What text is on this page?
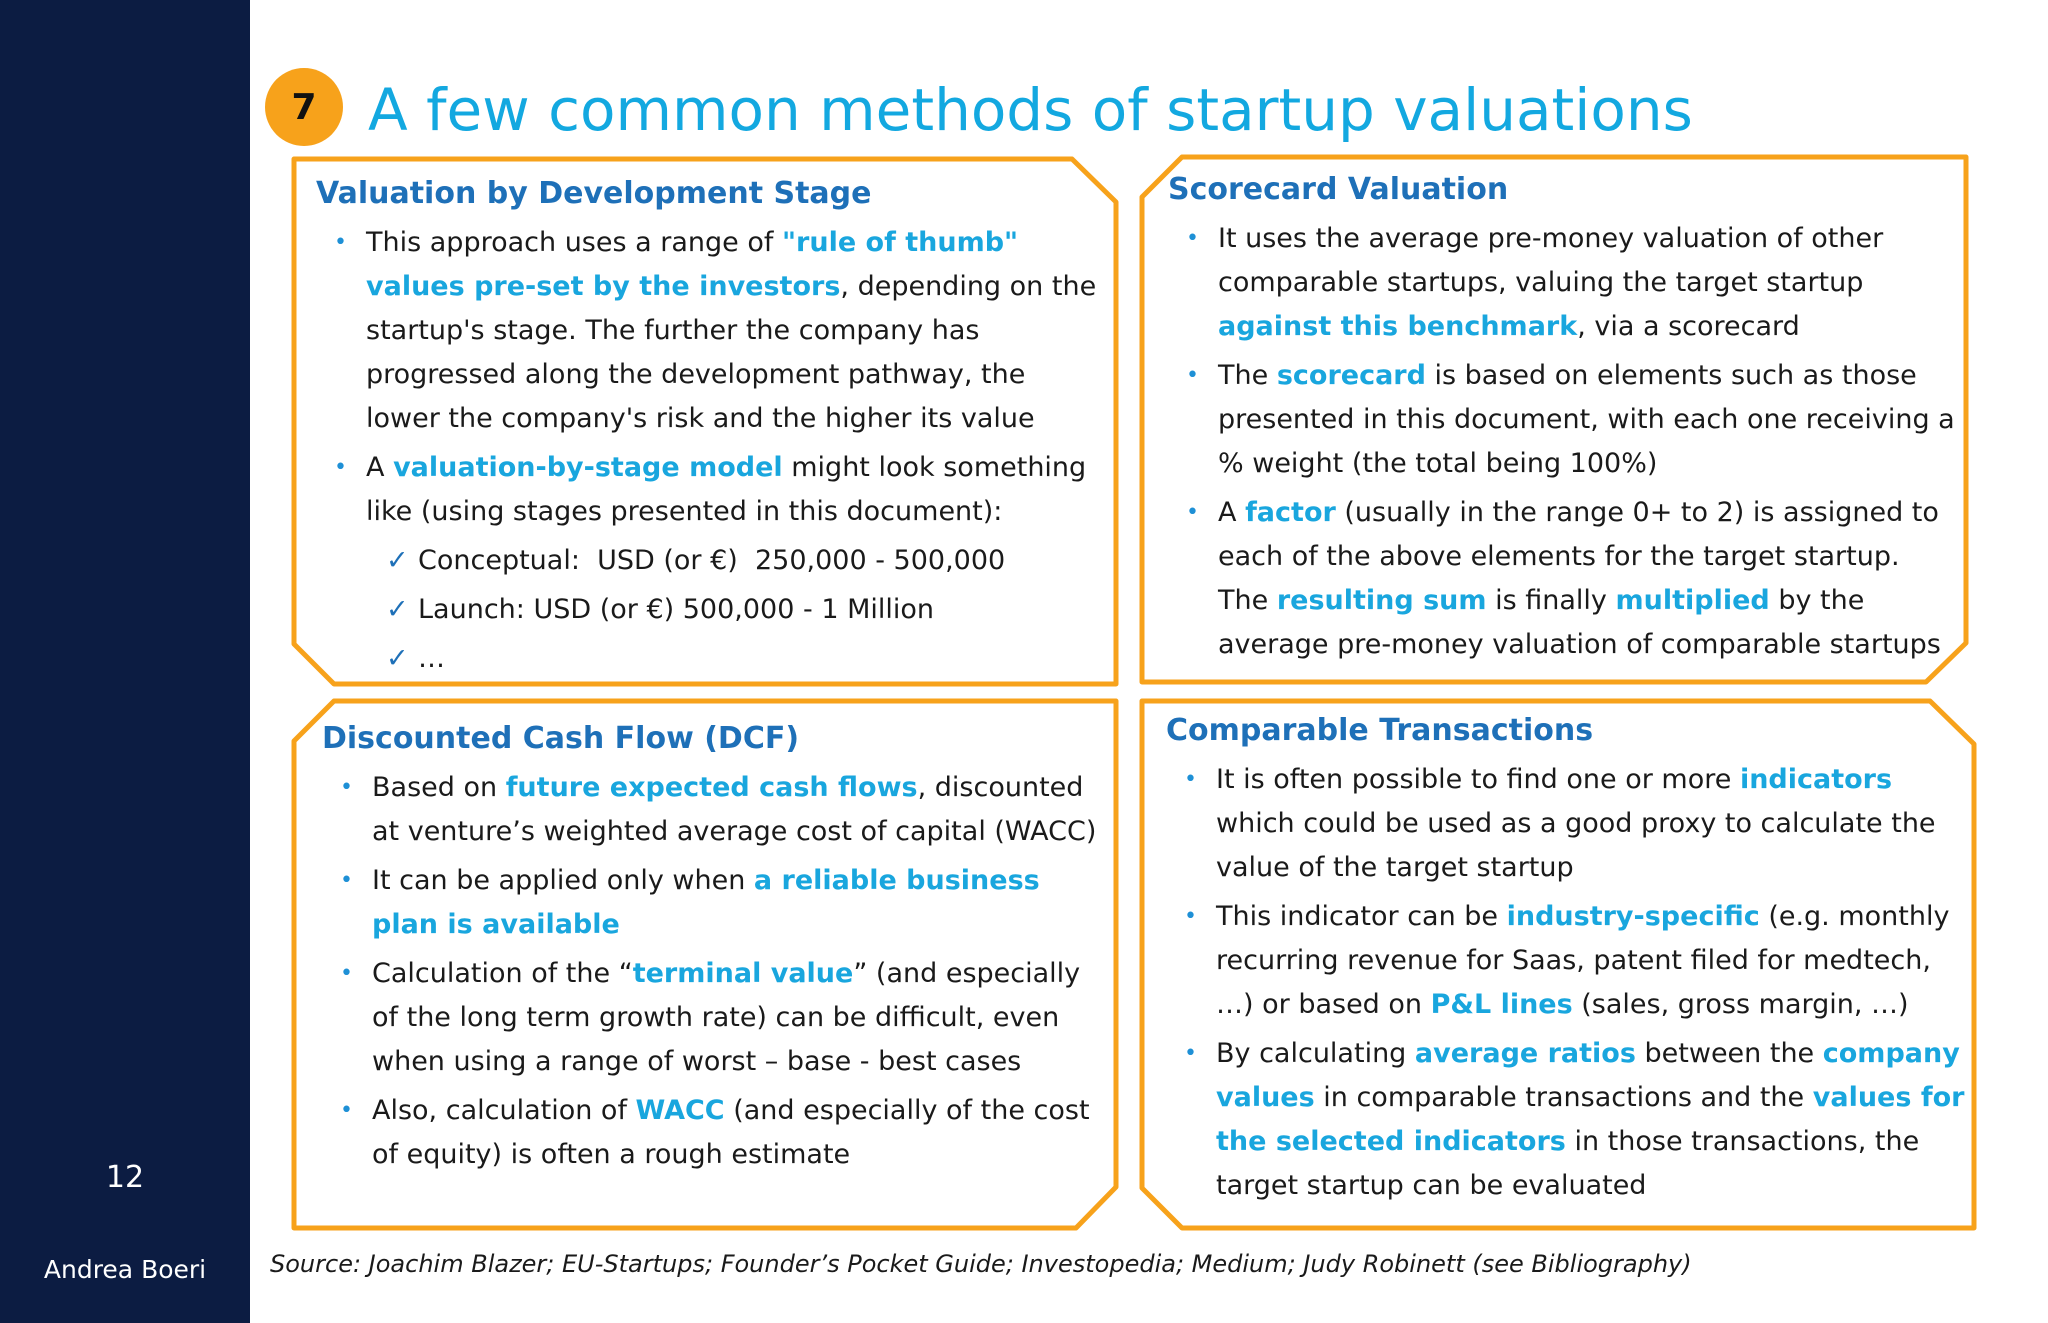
12
Andrea Boeri
7 A few common methods of startup valuations
Valuation by Development Stage
• This approach uses a range of "rule of thumb" values pre-set by the investors, depending on the startup's stage. The further the company has progressed along the development pathway, the lower the company's risk and the higher its value
• A valuation-by-stage model might look something like (using stages presented in this document):
✓ Conceptual:  USD (or €)  250,000 - 500,000
✓ Launch: USD (or €) 500,000 - 1 Million
✓ …
Scorecard Valuation
• It uses the average pre-money valuation of other comparable startups, valuing the target startup against this benchmark, via a scorecard
• The scorecard is based on elements such as those presented in this document, with each one receiving a % weight (the total being 100%)
• A factor (usually in the range 0+ to 2) is assigned to each of the above elements for the target startup. The resulting sum is finally multiplied by the average pre-money valuation of comparable startups
Discounted Cash Flow (DCF)
• Based on future expected cash flows, discounted at venture’s weighted average cost of capital (WACC)
• It can be applied only when a reliable business plan is available
• Calculation of the “terminal value” (and especially of the long term growth rate) can be difficult, even when using a range of worst – base - best cases
• Also, calculation of WACC (and especially of the cost of equity) is often a rough estimate
Comparable Transactions
• It is often possible to find one or more indicators which could be used as a good proxy to calculate the value of the target startup
• This indicator can be industry-specific (e.g. monthly recurring revenue for Saas, patent filed for medtech, …) or based on P&L lines (sales, gross margin, …)
• By calculating average ratios between the company values in comparable transactions and the values for the selected indicators in those transactions, the target startup can be evaluated
Source: Joachim Blazer; EU-Startups; Founder’s Pocket Guide; Investopedia; Medium; Judy Robinett (see Bibliography)
